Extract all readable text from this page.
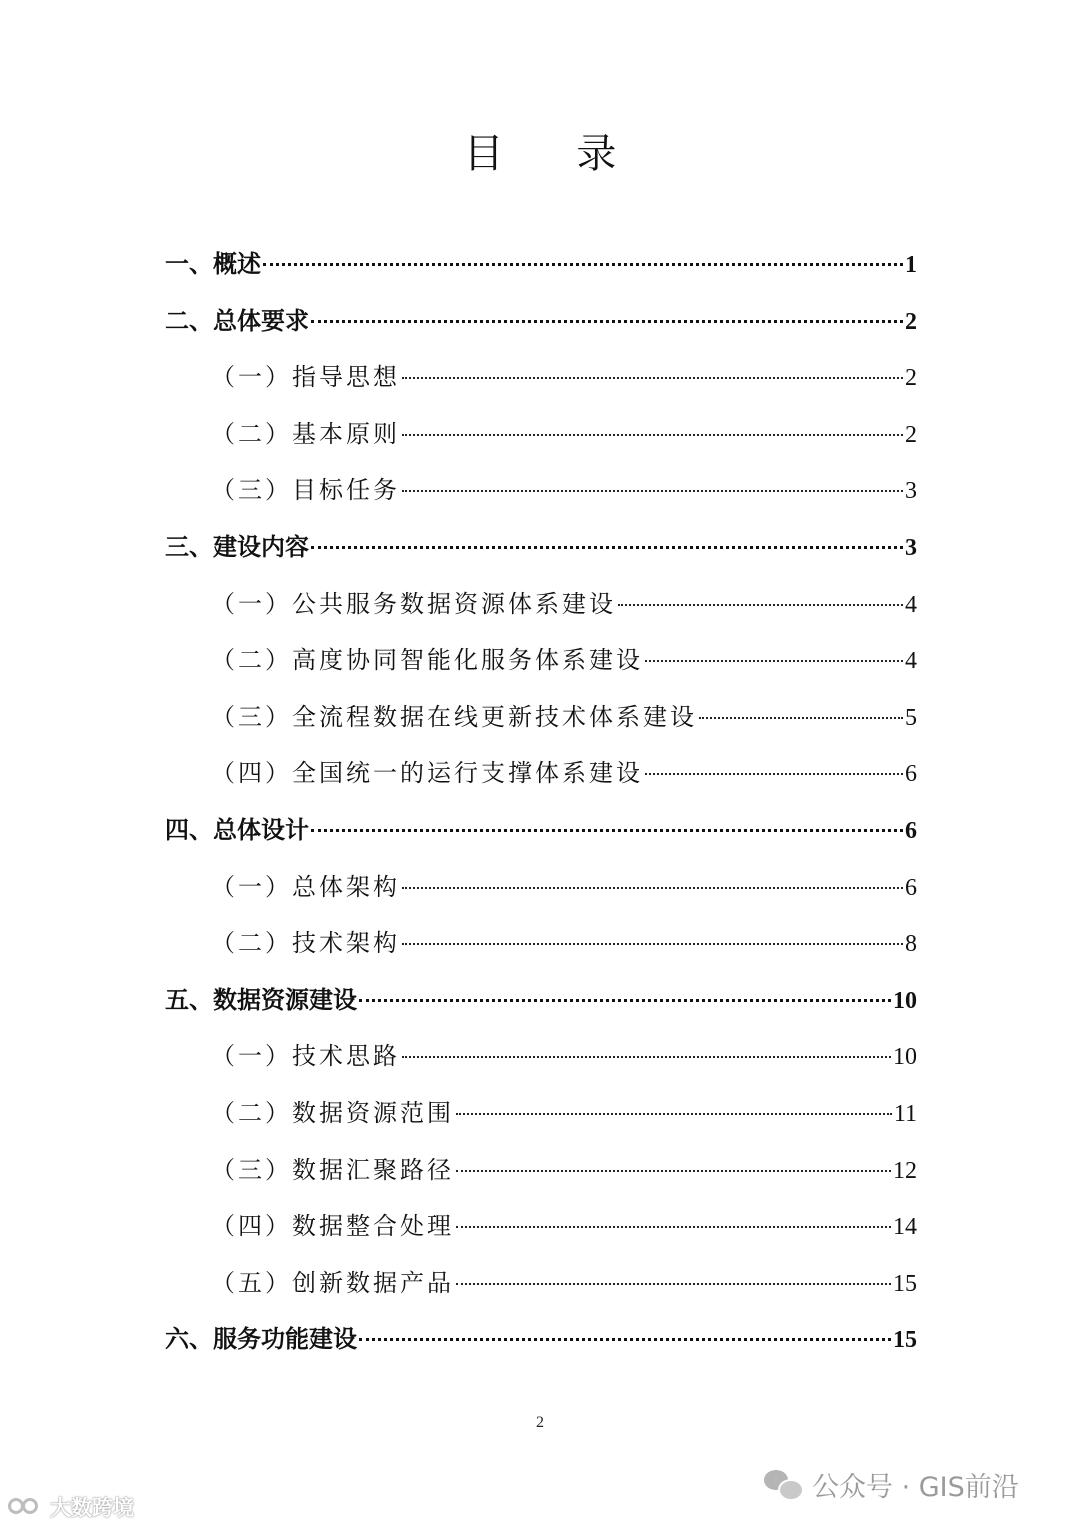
目 录
一、概述	1
二、总体要求	2
（一）指导思想	2
（二）基本原则	2
（三）目标任务	3
三、建设内容	3
（一）公共服务数据资源体系建设	4
（二）高度协同智能化服务体系建设	4
（三）全流程数据在线更新技术体系建设	5
（四）全国统一的运行支撑体系建设	6
四、总体设计	6
（一）总体架构	6
（二）技术架构	8
五、数据资源建设	10
（一）技术思路	10
（二）数据资源范围	11
（三）数据汇聚路径	12
（四）数据整合处理	14
（五）创新数据产品	15
六、服务功能建设	15
2
公众号 · GIS前沿
大数跨境
